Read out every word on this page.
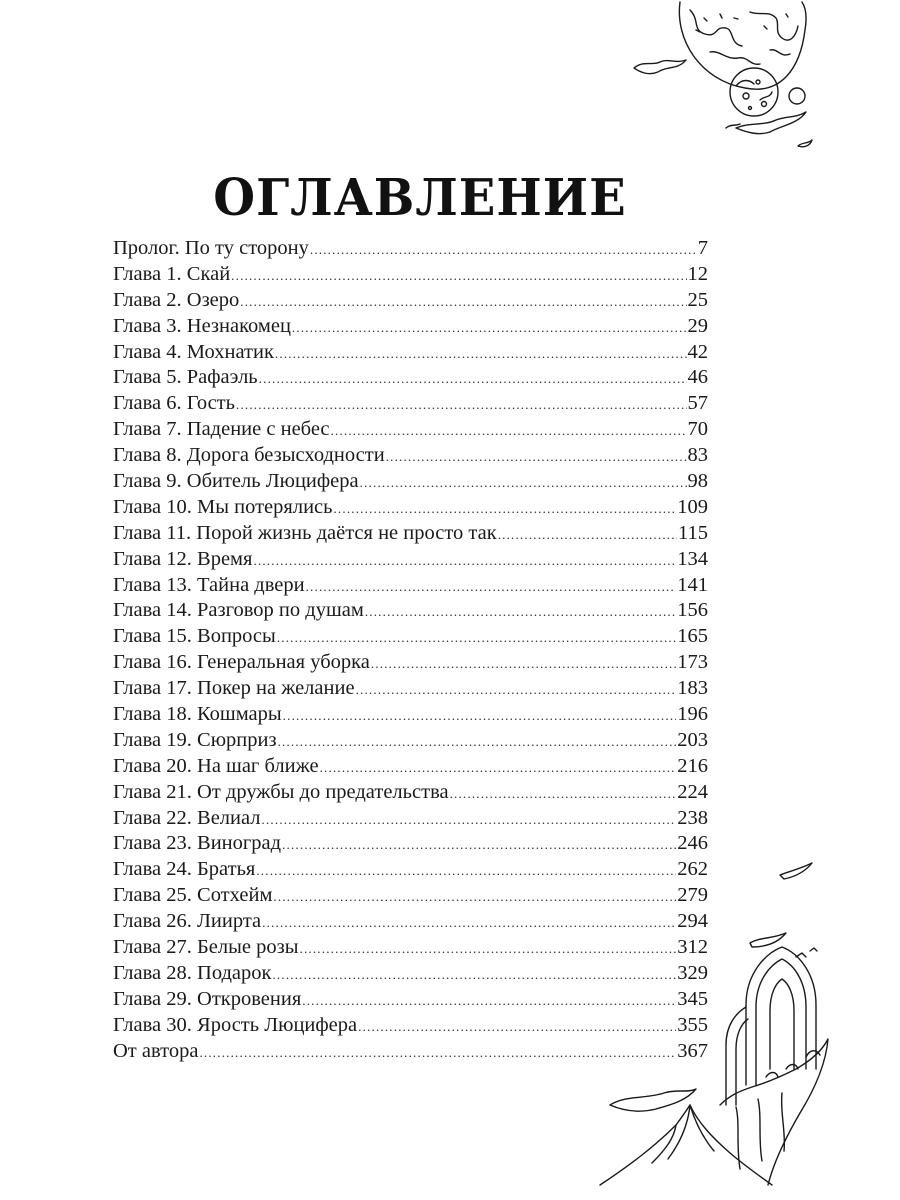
ОГЛАВЛЕНИЕ
Пролог. По ту сторону .....	7
Глава 1. Скай .....	12
Глава 2. Озеро .....	25
Глава 3. Незнакомец .....	29
Глава 4. Мохнатик .....	42
Глава 5. Рафаэль .....	46
Глава 6. Гость .....	57
Глава 7. Падение с небес .....	70
Глава 8. Дорога безысходности .....	83
Глава 9. Обитель Люцифера .....	98
Глава 10. Мы потерялись .....	109
Глава 11. Порой жизнь даётся не просто так .....	115
Глава 12. Время .....	134
Глава 13. Тайна двери .....	141
Глава 14. Разговор по душам .....	156
Глава 15. Вопросы .....	165
Глава 16. Генеральная уборка .....	173
Глава 17. Покер на желание .....	183
Глава 18. Кошмары .....	196
Глава 19. Сюрприз .....	203
Глава 20. На шаг ближе .....	216
Глава 21. От дружбы до предательства .....	224
Глава 22. Велиал .....	238
Глава 23. Виноград .....	246
Глава 24. Братья .....	262
Глава 25. Сотхейм .....	279
Глава 26. Лиирта .....	294
Глава 27. Белые розы .....	312
Глава 28. Подарок .....	329
Глава 29. Откровения .....	345
Глава 30. Ярость Люцифера .....	355
От автора .....	367
